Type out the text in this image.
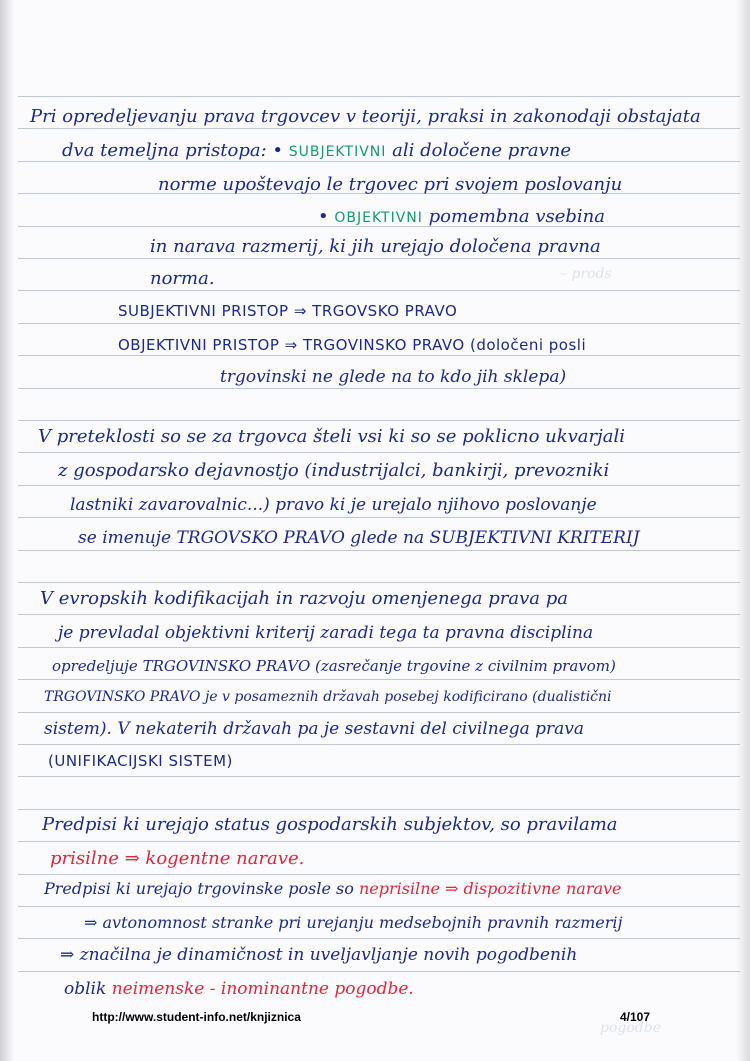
– prods
pogodbe
Pri opredeljevanju prava trgovcev v teoriji, praksi in zakonodaji obstajata
dva temeljna pristopa: • SUBJEKTIVNI ali določene pravne
norme upoštevajo le trgovec pri svojem poslovanju
• OBJEKTIVNI pomembna vsebina
in narava razmerij, ki jih urejajo določena pravna
norma.
SUBJEKTIVNI PRISTOP ⇒ TRGOVSKO PRAVO
OBJEKTIVNI PRISTOP ⇒ TRGOVINSKO PRAVO (določeni posli
trgovinski ne glede na to kdo jih sklepa)
V preteklosti so se za trgovca šteli vsi ki so se poklicno ukvarjali
z gospodarsko dejavnostjo (industrijalci, bankirji, prevozniki
lastniki zavarovalnic...) pravo ki je urejalo njihovo poslovanje
se imenuje TRGOVSKO PRAVO glede na SUBJEKTIVNI KRITERIJ
V evropskih kodifikacijah in razvoju omenjenega prava pa
je prevladal objektivni kriterij zaradi tega ta pravna disciplina
opredeljuje TRGOVINSKO PRAVO (zasrečanje trgovine z civilnim pravom)
TRGOVINSKO PRAVO je v posameznih državah posebej kodificirano (dualistični
sistem). V nekaterih državah pa je sestavni del civilnega prava
(UNIFIKACIJSKI SISTEM)
Predpisi ki urejajo status gospodarskih subjektov, so pravilama
prisilne ⇒ kogentne narave.
Predpisi ki urejajo trgovinske posle so neprisilne ⇒ dispozitivne narave
⇒ avtonomnost stranke pri urejanju medsebojnih pravnih razmerij
⇒ značilna je dinamičnost in uveljavljanje novih pogodbenih
oblik neimenske - inominantne pogodbe.
http://www.student-info.net/knjiznica	4/107
